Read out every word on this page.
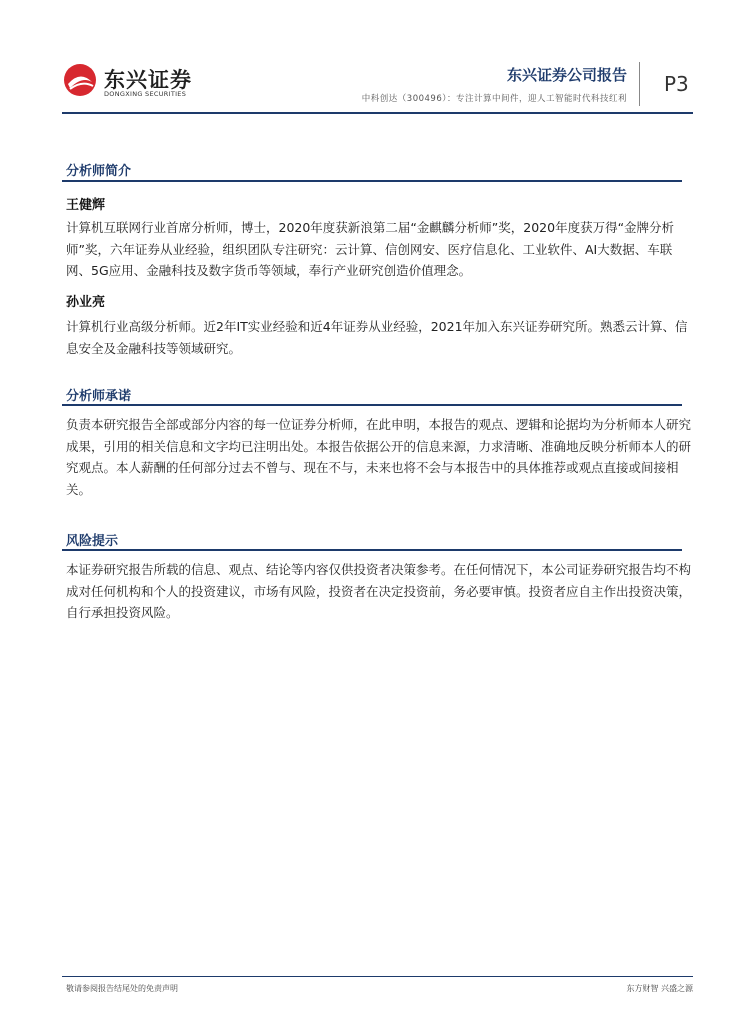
东兴证券
DONGXING SECURITIES
东兴证券公司报告
中科创达（300496）：专注计算中间件，迎人工智能时代科技红利
P3
分析师简介
王健辉
计算机互联网行业首席分析师，博士，2020年度获新浪第二届“金麒麟分析师”奖，2020年度获万得“金牌分析师”奖，六年证券从业经验，组织团队专注研究：云计算、信创网安、医疗信息化、工业软件、AI大数据、车联网、5G应用、金融科技及数字货币等领域，奉行产业研究创造价值理念。
孙业亮
计算机行业高级分析师。近2年IT实业经验和近4年证券从业经验，2021年加入东兴证券研究所。熟悉云计算、信息安全及金融科技等领域研究。
分析师承诺
负责本研究报告全部或部分内容的每一位证券分析师，在此申明，本报告的观点、逻辑和论据均为分析师本人研究成果，引用的相关信息和文字均已注明出处。本报告依据公开的信息来源，力求清晰、准确地反映分析师本人的研究观点。本人薪酬的任何部分过去不曾与、现在不与，未来也将不会与本报告中的具体推荐或观点直接或间接相关。
风险提示
本证券研究报告所载的信息、观点、结论等内容仅供投资者决策参考。在任何情况下，本公司证券研究报告均不构成对任何机构和个人的投资建议，市场有风险，投资者在决定投资前，务必要审慎。投资者应自主作出投资决策，自行承担投资风险。
敬请参阅报告结尾处的免责声明	东方财智 兴盛之源
